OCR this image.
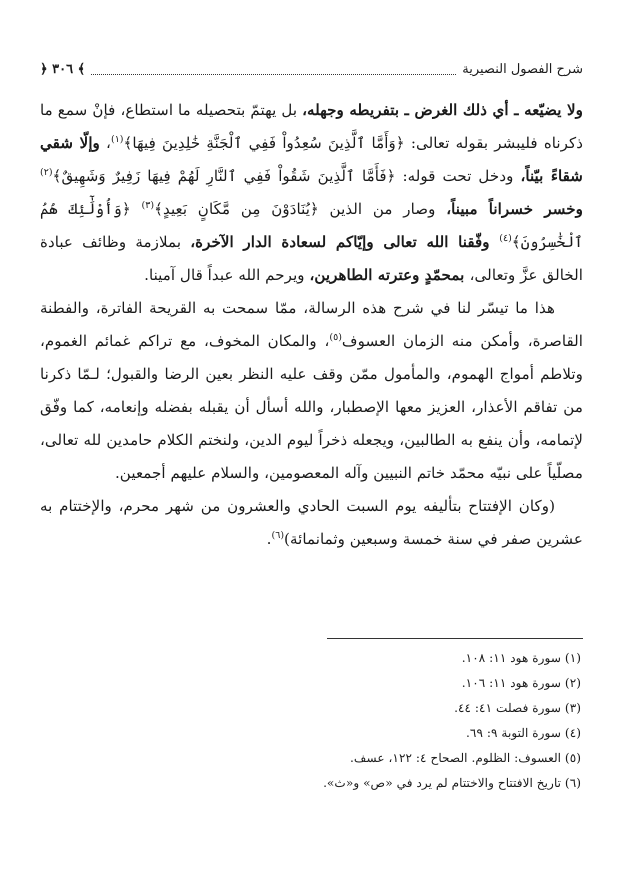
﴿ ٣٠٦ ﴾	شرح الفصول النصيرية

ولا يضيّعه ـ أي ذلك الغرض ـ بتفريطه وجهله، بل يهتمّ بتحصيله ما استطاع، فإنْ سمع ما ذكرناه فليبشر بقوله تعالى: ﴿وَأَمَّا ٱلَّذِينَ سُعِدُواْ فَفِي ٱلْجَنَّةِ خَٰلِدِينَ فِيهَا﴾$^{(١)}$، وإلّا شقي شقاءً بيّناً، ودخل تحت قوله: ﴿فَأَمَّا ٱلَّذِينَ شَقُواْ فَفِي ٱلنَّارِ لَهُمْ فِيهَا زَفِيرٌ وَشَهِيقٌ﴾$^{(٢)}$ وخسر خسراناً مبيناً، وصار من الذين ﴿يُنَادَوْنَ مِن مَّكَانٍ بَعِيدٍ﴾$^{(٣)}$ ﴿وَأُوْلَٰٓئِكَ هُمُ ٱلْخَٰسِرُونَ﴾$^{(٤)}$ وفّقنا الله تعالى وإيّاكم لسعادة الدار الآخرة، بملازمة وظائف عبادة الخالق عزَّ وتعالى، بمحمّدٍ وعترته الطاهرين، ويرحم الله عبداً قال آمينا.

هذا ما تيسّر لنا في شرح هذه الرسالة، ممّا سمحت به القريحة الفاترة، والفطنة القاصرة، وأمكن منه الزمان العسوف$^{(٥)}$، والمكان المخوف، مع تراكم غمائم الغموم، وتلاطم أمواج الهموم، والمأمول ممّن وقف عليه النظر بعين الرضا والقبول؛ لـمّا ذكرنا من تفاقم الأعذار، العزيز معها الإصطبار، والله أسأل أن يقبله بفضله وإنعامه، كما وفّق لإتمامه، وأن ينفع به الطالبين، ويجعله ذخراً ليوم الدين، ولنختم الكلام حامدين لله تعالى، مصلّياً على نبيّه محمّد خاتم النبيين وآله المعصومين، والسلام عليهم أجمعين.

(وكان الإفتتاح بتأليفه يوم السبت الحادي والعشرون من شهر محرم، والإختتام به عشرين صفر في سنة خمسة وسبعين وثمانمائة)$^{(٦)}$.

(١) سورة هود ١١: ١٠٨.
(٢) سورة هود ١١: ١٠٦.
(٣) سورة فصلت ٤١: ٤٤.
(٤) سورة التوبة ٩: ٦٩.
(٥) العسوف: الظلوم. الصحاح ٤: ١٢٢، عسف.
(٦) تاريخ الافتتاح والاختتام لم يرد في «ص» و«ث».
